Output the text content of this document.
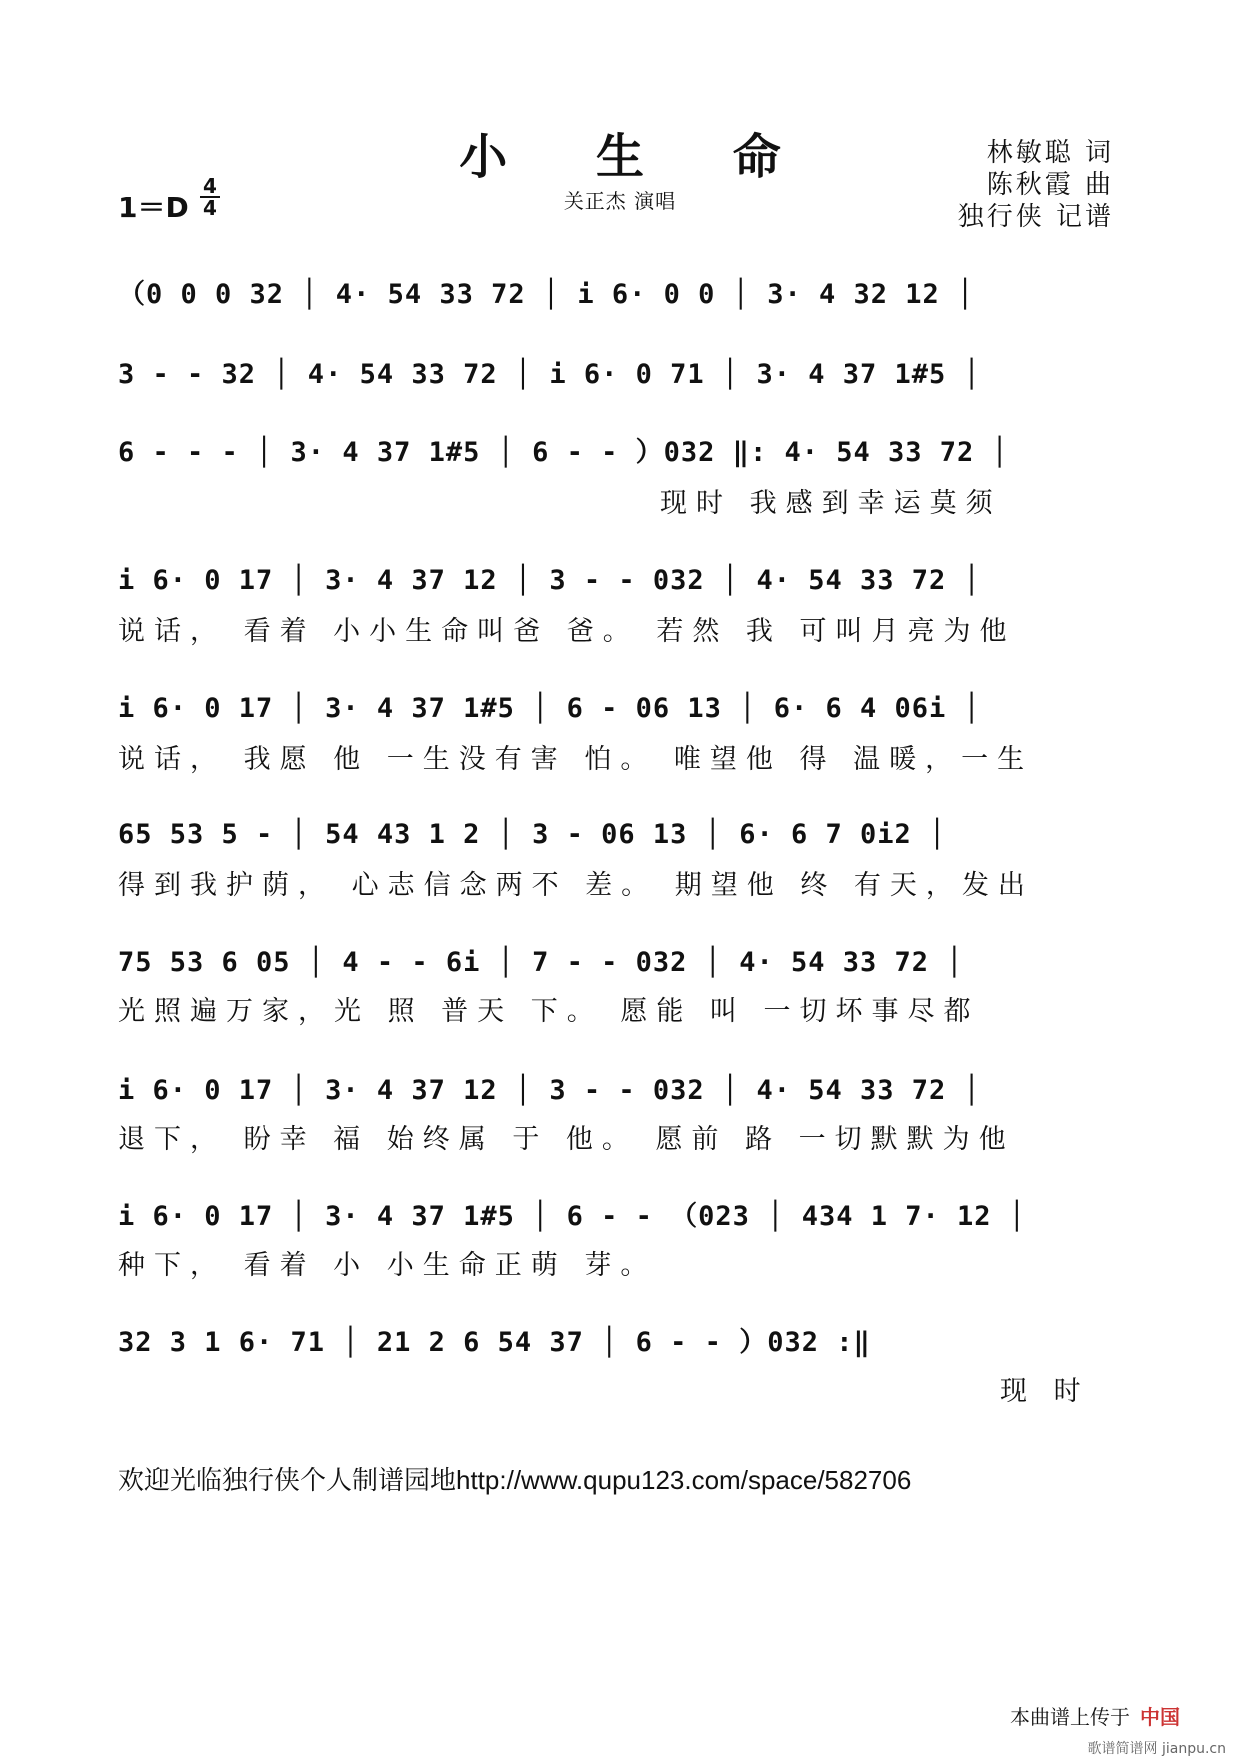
小 生 命
关正杰 演唱
林敏聪 词
陈秋霞 曲
独行侠 记谱
1＝D
4
4
（0 0 0 32 │ 4· 54 33 72 │ i 6· 0 0 │ 3· 4 32 12 │
3 - - 32 │ 4· 54 33 72 │ i 6· 0 71 │ 3· 4 37 1#5 │
6 - - - │ 3· 4 37 1#5 │ 6 - - ）032 ‖: 4· 54 33 72 │
现时 我感到幸运莫须
i 6· 0 17 │ 3· 4 37 12 │ 3 - - 032 │ 4· 54 33 72 │
说话， 看着 小小生命叫爸 爸。 若然 我 可叫月亮为他
i 6· 0 17 │ 3· 4 37 1#5 │ 6 - 06 13 │ 6· 6 4 06i │
说话， 我愿 他 一生没有害 怕。 唯望他 得 温暖，一生
65 53 5 - │ 54 43 1 2 │ 3 - 06 13 │ 6· 6 7 0i2 │
得到我护荫， 心志信念两不 差。 期望他 终 有天，发出
75 53 6 05 │ 4 - - 6i │ 7 - - 032 │ 4· 54 33 72 │
光照遍万家，光 照 普天 下。 愿能 叫 一切坏事尽都
i 6· 0 17 │ 3· 4 37 12 │ 3 - - 032 │ 4· 54 33 72 │
退下， 盼幸 福 始终属 于 他。 愿前 路 一切默默为他
i 6· 0 17 │ 3· 4 37 1#5 │ 6 - - （023 │ 434 1 7· 12 │
种下， 看着 小 小生命正萌 芽。
32 3 1 6· 71 │ 21 2 6 54 37 │ 6 - - ）032 :‖
现 时
欢迎光临独行侠个人制谱园地http://www.qupu123.com/space/582706
本曲谱上传于 中国
歌谱简谱网 jianpu.cn
